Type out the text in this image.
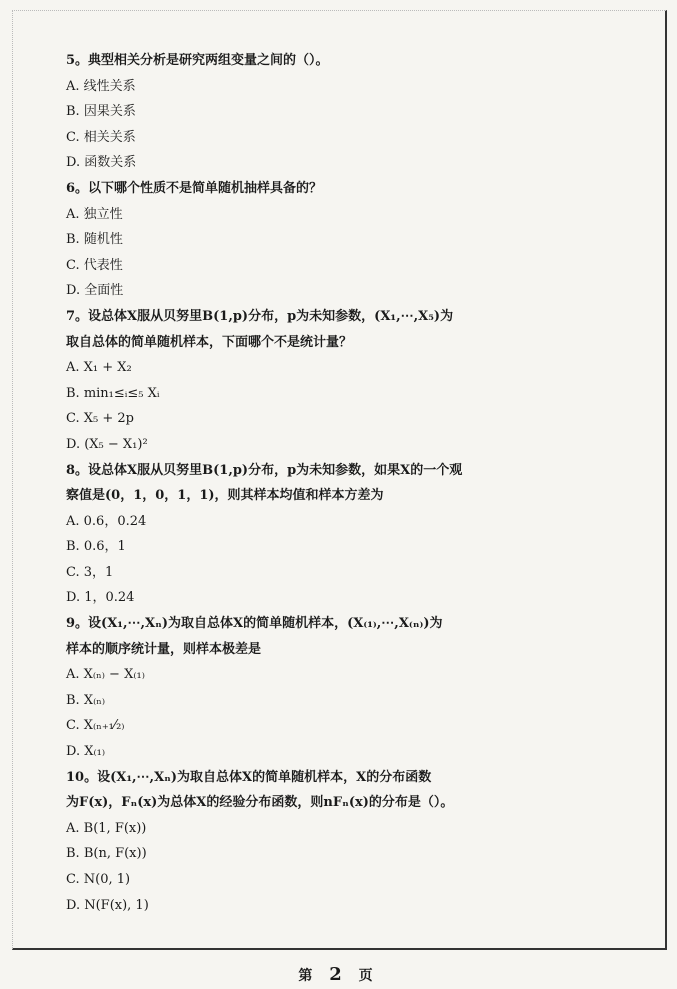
5。典型相关分析是研究两组变量之间的（）。
A. 线性关系
B. 因果关系
C. 相关关系
D. 函数关系
6。以下哪个性质不是简单随机抽样具备的？
A. 独立性
B. 随机性
C. 代表性
D. 全面性
7。设总体X服从贝努里B(1,p)分布，p为未知参数，(X₁,⋯,X₅)为
取自总体的简单随机样本，下面哪个不是统计量？
A. X₁ + X₂
B. min₁≤ᵢ≤₅ Xᵢ
C. X₅ + 2p
D. (X₅ − X₁)²
8。设总体X服从贝努里B(1,p)分布，p为未知参数，如果X的一个观
察值是(0，1，0，1，1)，则其样本均值和样本方差为
A. 0.6，0.24
B. 0.6，1
C. 3，1
D. 1，0.24
9。设(X₁,⋯,Xₙ)为取自总体X的简单随机样本，(X₍₁₎,⋯,X₍ₙ₎)为
样本的顺序统计量，则样本极差是
A. X₍ₙ₎ − X₍₁₎
B. X₍ₙ₎
C. X₍ₙ₊₁⁄₂₎
D. X₍₁₎
10。设(X₁,⋯,Xₙ)为取自总体X的简单随机样本，X的分布函数
为F(x)，Fₙ(x)为总体X的经验分布函数，则nFₙ(x)的分布是（）。
A. B(1, F(x))
B. B(n, F(x))
C. N(0, 1)
D. N(F(x), 1)
第 2 页
